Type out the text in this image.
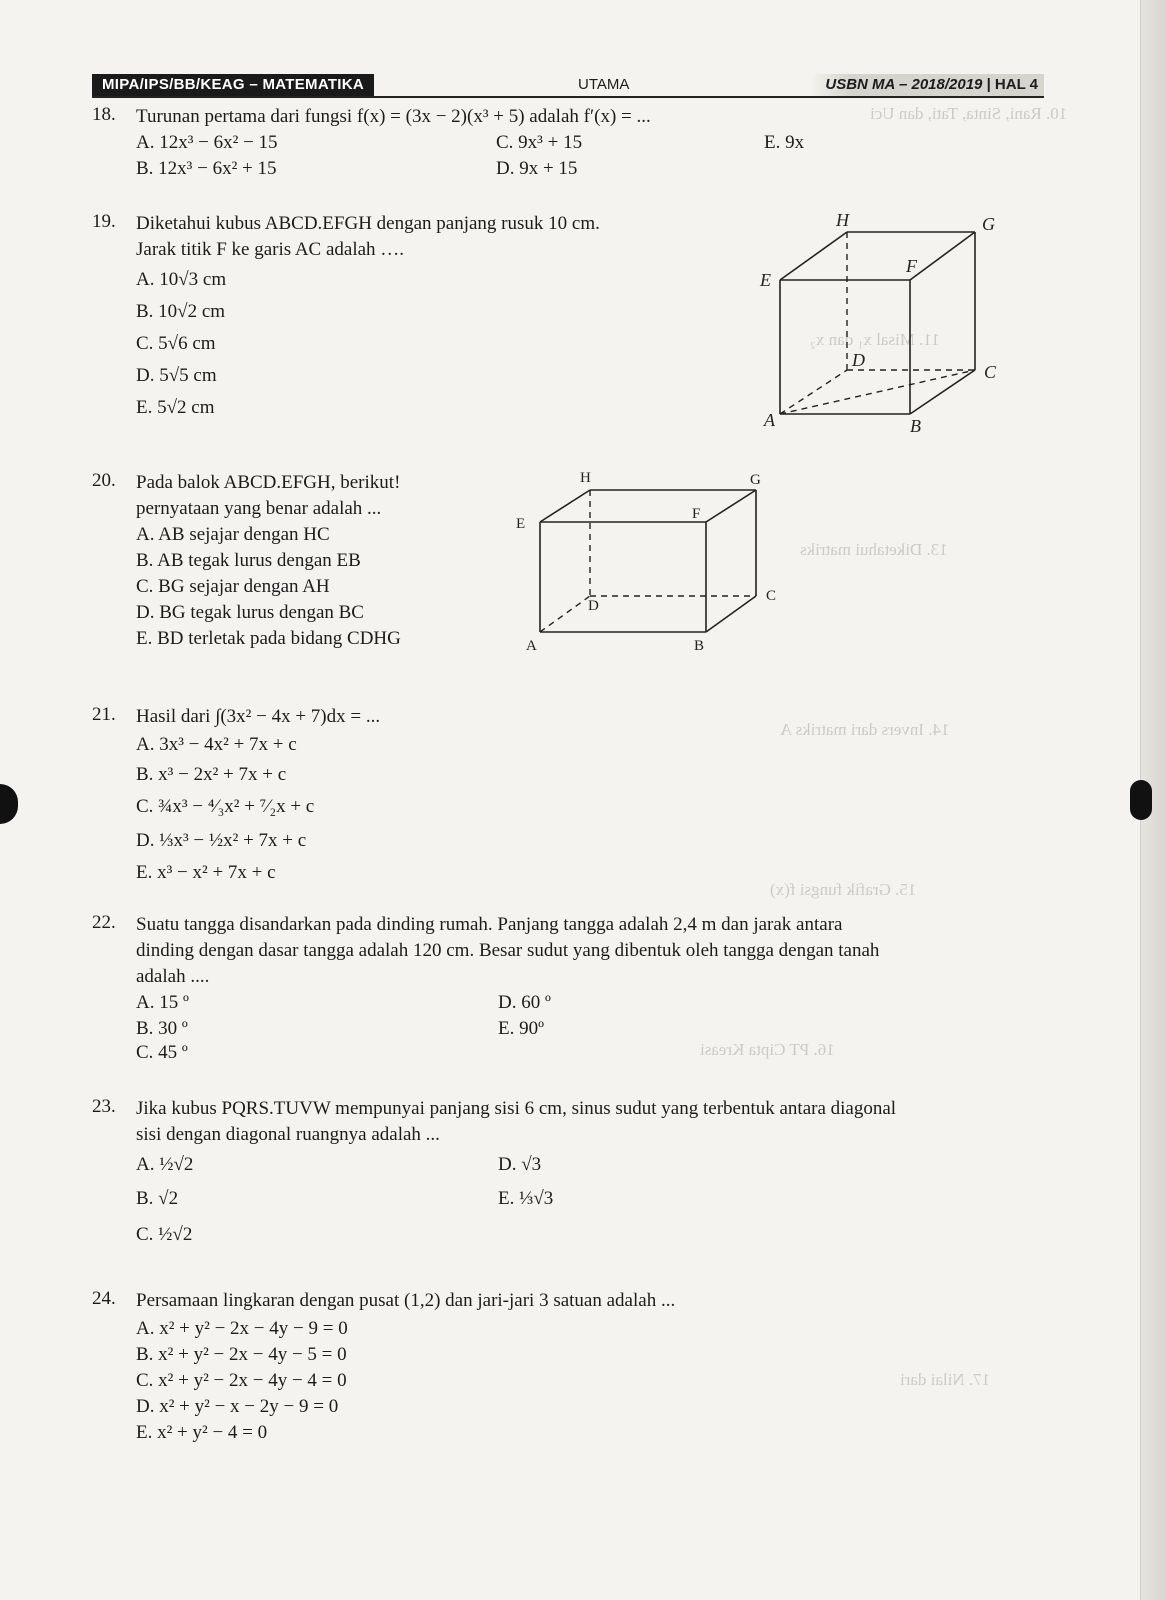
10. Rani, Sinta, Tati, dan Uci
11. Misal x₁ dan x₂
13. Diketahui matriks
14. Invers dari matriks A
15. Grafik fungsi f(x)
16. PT Cipta Kreasi
17. Nilai dari
MIPA/IPS/BB/KEAG – MATEMATIKA	UTAMA	USBN MA – 2018/2019 | HAL 4
18. Turunan pertama dari fungsi f(x) = (3x − 2)(x³ + 5) adalah f′(x) = ...
A. 12x³ − 6x² − 15	C. 9x³ + 15	E. 9x
B. 12x³ − 6x² + 15	D. 9x + 15
19. Diketahui kubus ABCD.EFGH dengan panjang rusuk 10 cm.
Jarak titik F ke garis AC adalah ….
A. 10√3 cm
B. 10√2 cm
C. 5√6 cm
D. 5√5 cm
E. 5√2 cm
H	G
E
F
D
C
A	B
20. Pada balok ABCD.EFGH, berikut!
pernyataan yang benar adalah ...
A. AB sejajar dengan HC
B. AB tegak lurus dengan EB
C. BG sejajar dengan AH
D. BG tegak lurus dengan BC
E. BD terletak pada bidang CDHG
H	G
E
F
D
C
A	B
21. Hasil dari ∫(3x² − 4x + 7)dx = ...
A. 3x³ − 4x² + 7x + c
B. x³ − 2x² + 7x + c
C. ¾x³ − ⁴⁄₃x² + ⁷⁄₂x + c
D. ⅓x³ − ½x² + 7x + c
E. x³ − x² + 7x + c
22. Suatu tangga disandarkan pada dinding rumah. Panjang tangga adalah 2,4 m dan jarak antara
dinding dengan dasar tangga adalah 120 cm. Besar sudut yang dibentuk oleh tangga dengan tanah
adalah ....
A. 15 º	D. 60 º
B. 30 º	E. 90º
C. 45 º
23. Jika kubus PQRS.TUVW mempunyai panjang sisi 6 cm, sinus sudut yang terbentuk antara diagonal
sisi dengan diagonal ruangnya adalah ...
A. ½√2	D. √3
B. √2	E. ⅓√3
C. ½√2
24. Persamaan lingkaran dengan pusat (1,2) dan jari-jari 3 satuan adalah ...
A. x² + y² − 2x − 4y − 9 = 0
B. x² + y² − 2x − 4y − 5 = 0
C. x² + y² − 2x − 4y − 4 = 0
D. x² + y² − x − 2y − 9 = 0
E. x² + y² − 4 = 0
